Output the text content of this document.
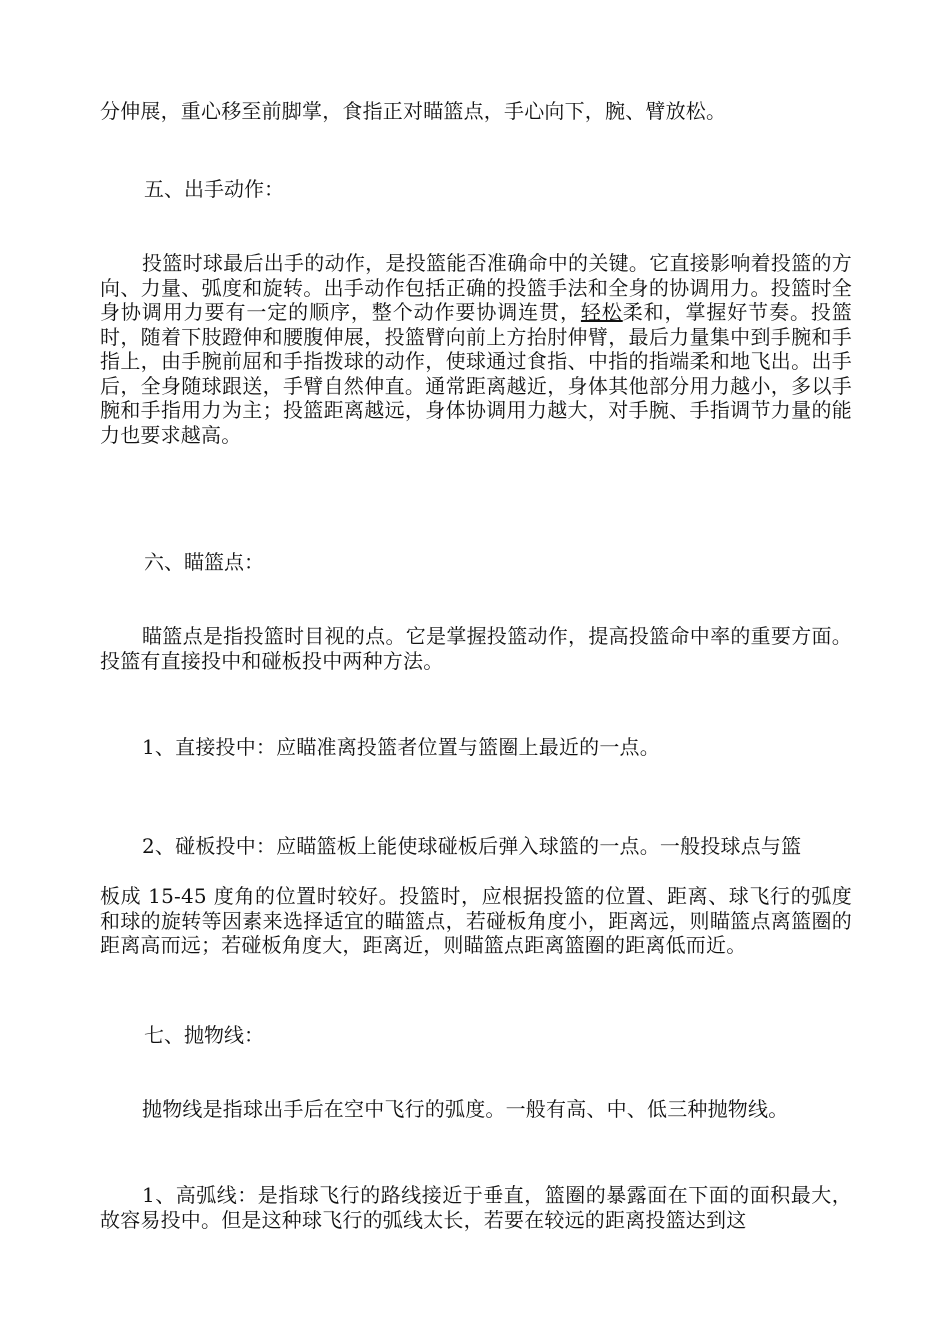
分伸展，重心移至前脚掌，食指正对瞄篮点，手心向下，腕、臂放松。

五、出手动作：

投篮时球最后出手的动作，是投篮能否准确命中的关键。它直接影响着投篮的方向、力量、弧度和旋转。出手动作包括正确的投篮手法和全身的协调用力。投篮时全身协调用力要有一定的顺序，整个动作要协调连贯，轻松柔和，掌握好节奏。投篮时，随着下肢蹬伸和腰腹伸展，投篮臂向前上方抬肘伸臂，最后力量集中到手腕和手指上，由手腕前屈和手指拨球的动作，使球通过食指、中指的指端柔和地飞出。出手后，全身随球跟送，手臂自然伸直。通常距离越近，身体其他部分用力越小，多以手腕和手指用力为主；投篮距离越远，身体协调用力越大，对手腕、手指调节力量的能力也要求越高。

六、瞄篮点：

瞄篮点是指投篮时目视的点。它是掌握投篮动作，提高投篮命中率的重要方面。投篮有直接投中和碰板投中两种方法。

1、直接投中：应瞄准离投篮者位置与篮圈上最近的一点。

2、碰板投中：应瞄篮板上能使球碰板后弹入球篮的一点。一般投球点与篮

板成 15-45 度角的位置时较好。投篮时，应根据投篮的位置、距离、球飞行的弧度和球的旋转等因素来选择适宜的瞄篮点，若碰板角度小，距离远，则瞄篮点离篮圈的距离高而远；若碰板角度大，距离近，则瞄篮点距离篮圈的距离低而近。

七、抛物线：

抛物线是指球出手后在空中飞行的弧度。一般有高、中、低三种抛物线。

1、高弧线：是指球飞行的路线接近于垂直，篮圈的暴露面在下面的面积最大，故容易投中。但是这种球飞行的弧线太长，若要在较远的距离投篮达到这
